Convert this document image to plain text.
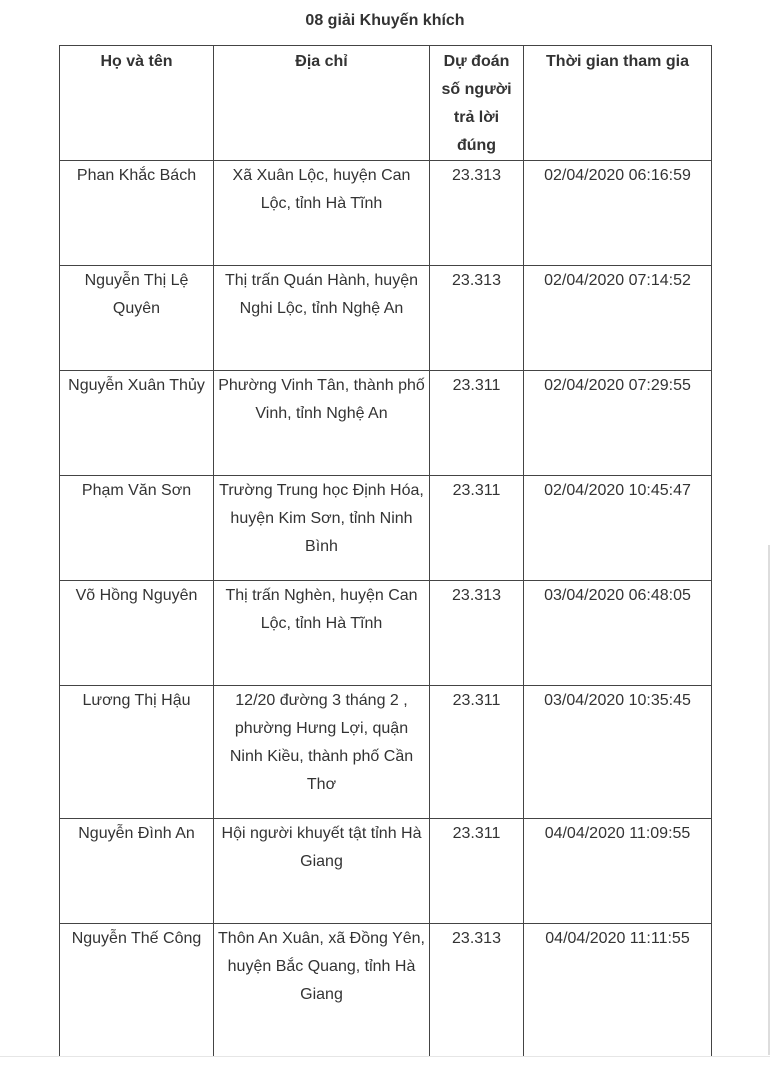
08 giải Khuyến khích
Họ và tên	Địa chỉ	Dự đoán số người trả lời đúng	Thời gian tham gia
Phan Khắc Bách	Xã Xuân Lộc, huyện Can Lộc, tỉnh Hà Tĩnh	23.313	02/04/2020 06:16:59
Nguyễn Thị Lệ Quyên	Thị trấn Quán Hành, huyện Nghi Lộc, tỉnh Nghệ An	23.313	02/04/2020 07:14:52
Nguyễn Xuân Thủy	Phường Vinh Tân, thành phố Vinh, tỉnh Nghệ An	23.311	02/04/2020 07:29:55
Phạm Văn Sơn	Trường Trung học Định Hóa, huyện Kim Sơn, tỉnh Ninh Bình	23.311	02/04/2020 10:45:47
Võ Hồng Nguyên	Thị trấn Nghèn, huyện Can Lộc, tỉnh Hà Tĩnh	23.313	03/04/2020 06:48:05
Lương Thị Hậu	12/20 đường 3 tháng 2 , phường Hưng Lợi, quận Ninh Kiều, thành phố Cần Thơ	23.311	03/04/2020 10:35:45
Nguyễn Đình An	Hội người khuyết tật tỉnh Hà Giang	23.311	04/04/2020 11:09:55
Nguyễn Thế Công	Thôn An Xuân, xã Đồng Yên, huyện Bắc Quang, tỉnh Hà Giang	23.313	04/04/2020 11:11:55
